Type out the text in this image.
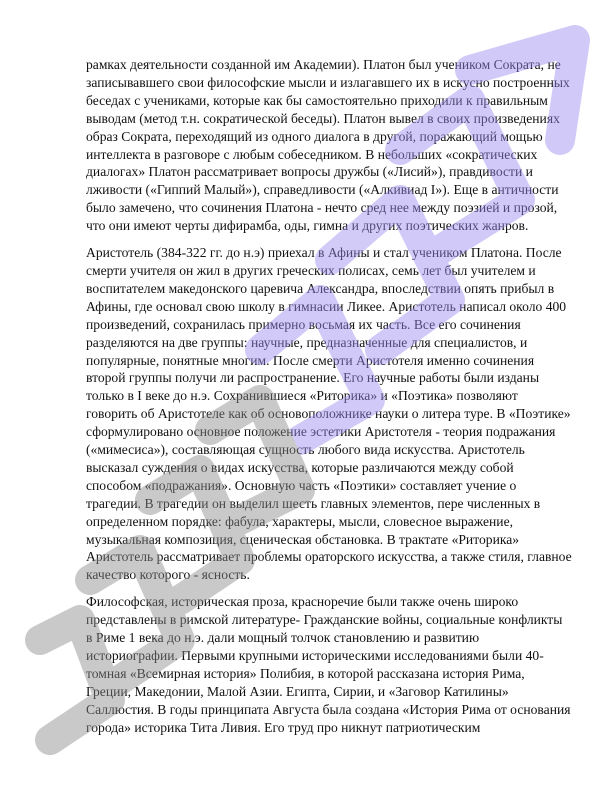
рамках деятельности созданной им Академии). Платон был учеником Сократа, не записывавшего свои философские мысли и излагавшего их в искусно построенных беседах с учениками, которые как бы самостоятельно приходили к правильным выводам (метод т.н. сократической беседы). Платон вывел в своих произведениях образ Сократа, переходящий из одного диалога в другой, поражающий мощью интеллекта в разговоре с любым собеседником. В небольших «сократических диалогах» Платон рассматривает вопросы дружбы («Лисий»), правдивости и лживости («Гиппий Малый»), справедливости («Алкивиад I»). Еще в античности было замечено, что сочинения Платона - нечто сред нее между поэзией и прозой, что они имеют черты дифирамба, оды, гимна и других поэтических жанров.

Аристотель (384-322 гг. до н.э) приехал в Афины и стал учеником Платона. После смерти учителя он жил в других греческих полисах, семь лет был учителем и воспитателем македонского царевича Александра, впоследствии опять прибыл в Афины, где основал свою школу в гимнасии Ликее. Аристотель написал около 400 произведений, сохранилась примерно восьмая их часть. Все его сочинения разделяются на две группы: научные, предназначенные для специалистов, и популярные, понятные многим. После смерти Аристотеля именно сочинения второй группы получи ли распространение. Его научные работы были изданы только в I веке до н.э. Сохранившиеся «Риторика» и «Поэтика» позволяют говорить об Аристотеле как об основоположнике науки о литера туре. В «Поэтике» сформулировано основное положение эстетики Аристотеля - теория подражания («мимесиса»), составляющая сущность любого вида искусства. Аристотель высказал суждения о видах искусства, которые различаются между собой способом «подражания». Основную часть «Поэтики» составляет учение о трагедии. В трагедии он выделил шесть главных элементов, пере численных в определенном порядке: фабула, характеры, мысли, словесное выражение, музыкальная композиция, сценическая обстановка. В трактате «Риторика» Аристотель рассматривает проблемы ораторского искусства, а также стиля, главное качество которого - ясность.

Философская, историческая проза, красноречие были также очень широко представлены в римской литературе- Гражданские войны, социальные конфликты в Риме 1 века до н.э. дали мощный толчок становлению и развитию историографии. Первыми крупными историческими исследованиями были 40-томная «Всемирная история» Полибия, в которой рассказана история Рима, Греции, Македонии, Малой Азии. Египта, Сирии, и «Заговор Катилины» Саллюстия. В годы принципата Августа была создана «История Рима от основания города» историка Тита Ливия. Его труд про никнут патриотическим
